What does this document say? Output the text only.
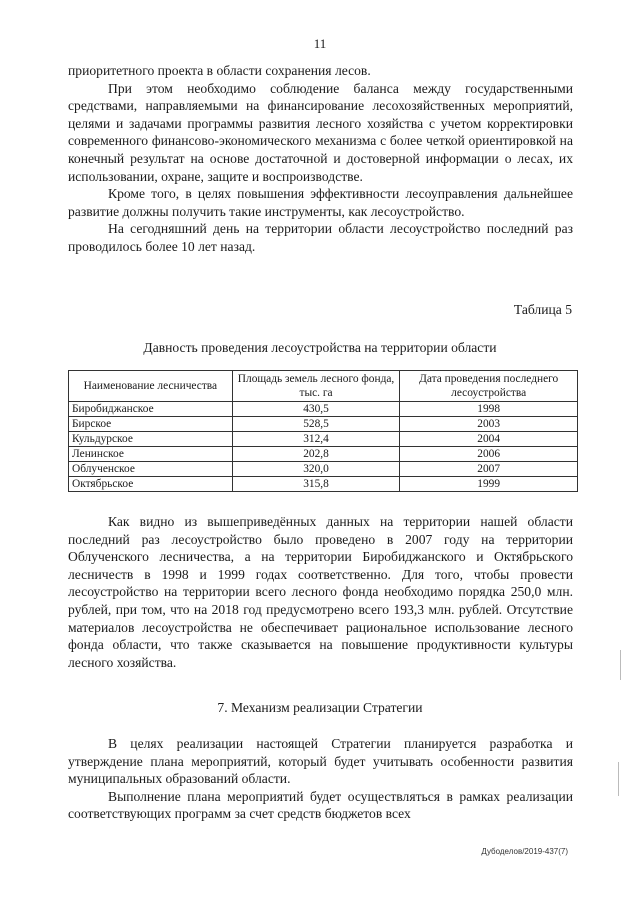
11

приоритетного проекта в области сохранения лесов.

При этом необходимо соблюдение баланса между государственными средствами, направляемыми на финансирование лесохозяйственных мероприятий, целями и задачами программы развития лесного хозяйства с учетом корректировки современного финансово-экономического механизма с более четкой ориентировкой на конечный результат на основе достаточной и достоверной информации о лесах, их использовании, охране, защите и воспроизводстве.

Кроме того, в целях повышения эффективности лесоуправления дальнейшее развитие должны получить такие инструменты, как лесоустройство.

На сегодняшний день на территории области лесоустройство последний раз проводилось более 10 лет назад.

Таблица 5
Давность проведения лесоустройства на территории области
Наименование лесничества	Площадь земель лесного фонда, тыс. га	Дата проведения последнего лесоустройства
Биробиджанское	430,5	1998
Бирское	528,5	2003
Кульдурское	312,4	2004
Ленинское	202,8	2006
Облученское	320,0	2007
Октябрьское	315,8	1999

Как видно из вышеприведённых данных на территории нашей области последний раз лесоустройство было проведено в 2007 году на территории Облученского лесничества, а на территории Биробиджанского и Октябрьского лесничеств в 1998 и 1999 годах соответственно. Для того, чтобы провести лесоустройство на территории всего лесного фонда необходимо порядка 250,0 млн. рублей, при том, что на 2018 год предусмотрено всего 193,3 млн. рублей. Отсутствие материалов лесоустройства не обеспечивает рациональное использование лесного фонда области, что также сказывается на повышение продуктивности культуры лесного хозяйства.

7. Механизм реализации Стратегии

В целях реализации настоящей Стратегии планируется разработка и утверждение плана мероприятий, который будет учитывать особенности развития муниципальных образований области.

Выполнение плана мероприятий будет осуществляться в рамках реализации соответствующих программ за счет средств бюджетов всех

Дубоделов/2019-437(7)
